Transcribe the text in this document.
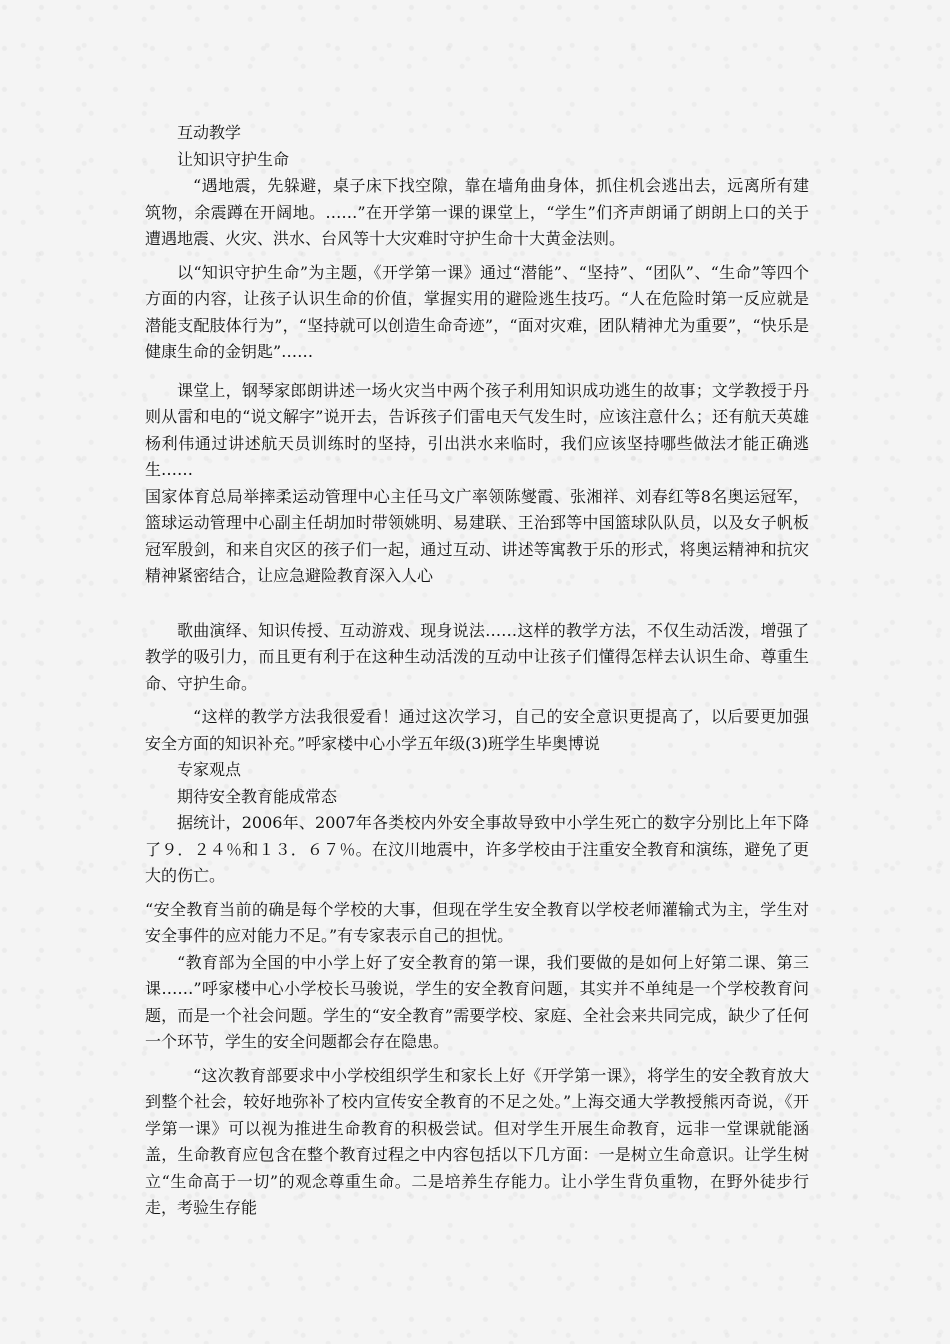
互动教学

让知识守护生命

“遇地震，先躲避，桌子床下找空隙，靠在墙角曲身体，抓住机会逃出去，远离所有建筑物，余震蹲在开阔地。……”在开学第一课的课堂上，“学生”们齐声朗诵了朗朗上口的关于遭遇地震、火灾、洪水、台风等十大灾难时守护生命十大黄金法则。

以“知识守护生命”为主题，《开学第一课》通过“潜能”、“坚持”、“团队”、“生命”等四个方面的内容，让孩子认识生命的价值，掌握实用的避险逃生技巧。“人在危险时第一反应就是潜能支配肢体行为”，“坚持就可以创造生命奇迹”，“面对灾难，团队精神尤为重要”，“快乐是健康生命的金钥匙”……

课堂上，钢琴家郎朗讲述一场火灾当中两个孩子利用知识成功逃生的故事；文学教授于丹则从雷和电的“说文解字”说开去，告诉孩子们雷电天气发生时，应该注意什么；还有航天英雄杨利伟通过讲述航天员训练时的坚持，引出洪水来临时，我们应该坚持哪些做法才能正确逃生……

国家体育总局举摔柔运动管理中心主任马文广率领陈燮霞、张湘祥、刘春红等8名奥运冠军，篮球运动管理中心副主任胡加时带领姚明、易建联、王治郅等中国篮球队队员，以及女子帆板冠军殷剑，和来自灾区的孩子们一起，通过互动、讲述等寓教于乐的形式，将奥运精神和抗灾精神紧密结合，让应急避险教育深入人心

歌曲演绎、知识传授、互动游戏、现身说法……这样的教学方法，不仅生动活泼，增强了教学的吸引力，而且更有利于在这种生动活泼的互动中让孩子们懂得怎样去认识生命、尊重生命、守护生命。

“这样的教学方法我很爱看！通过这次学习，自己的安全意识更提高了，以后要更加强安全方面的知识补充。”呼家楼中心小学五年级(3)班学生毕奥博说

专家观点

期待安全教育能成常态

据统计，2006年、2007年各类校内外安全事故导致中小学生死亡的数字分别比上年下降了９．２４％和１３．６７％。在汶川地震中，许多学校由于注重安全教育和演练，避免了更大的伤亡。

“安全教育当前的确是每个学校的大事，但现在学生安全教育以学校老师灌输式为主，学生对安全事件的应对能力不足。”有专家表示自己的担忧。

“教育部为全国的中小学上好了安全教育的第一课，我们要做的是如何上好第二课、第三课……”呼家楼中心小学校长马骏说，学生的安全教育问题，其实并不单纯是一个学校教育问题，而是一个社会问题。学生的“安全教育”需要学校、家庭、全社会来共同完成，缺少了任何一个环节，学生的安全问题都会存在隐患。

“这次教育部要求中小学校组织学生和家长上好《开学第一课》，将学生的安全教育放大到整个社会，较好地弥补了校内宣传安全教育的不足之处。”上海交通大学教授熊丙奇说，《开学第一课》可以视为推进生命教育的积极尝试。但对学生开展生命教育，远非一堂课就能涵盖，生命教育应包含在整个教育过程之中内容包括以下几方面：一是树立生命意识。让学生树立“生命高于一切”的观念尊重生命。二是培养生存能力。让小学生背负重物，在野外徒步行走，考验生存能
